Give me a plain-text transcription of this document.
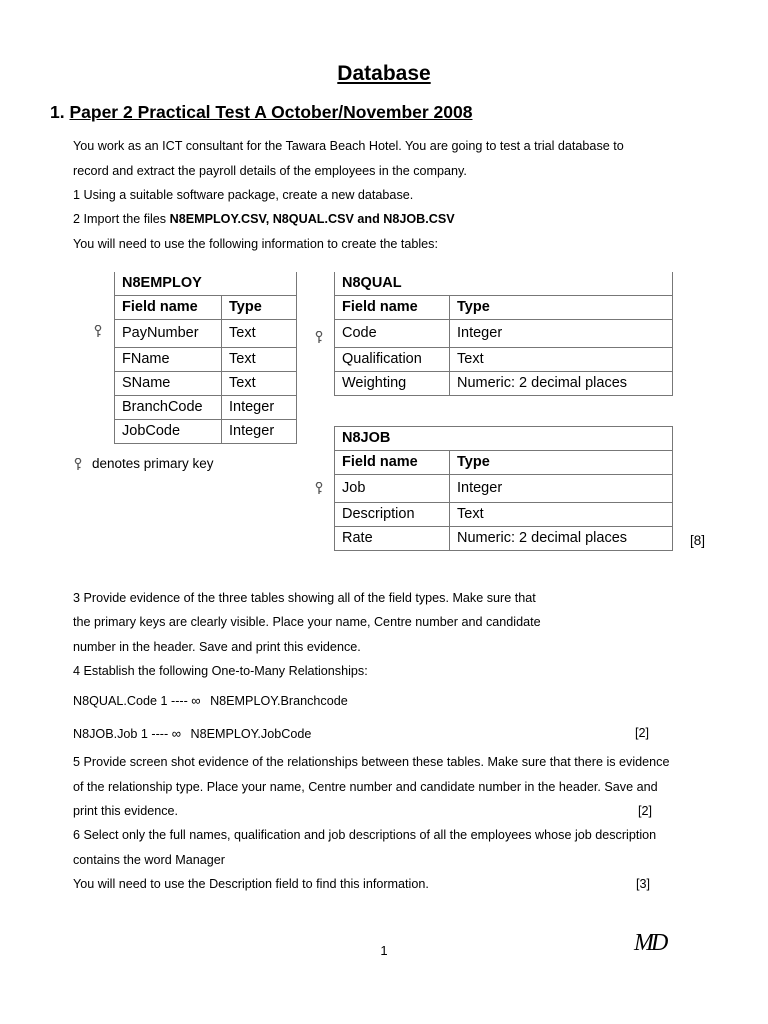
Database
1. Paper 2 Practical Test A October/November 2008
You work as an ICT consultant for the Tawara Beach Hotel. You are going to test a trial database to
record and extract the payroll details of the employees in the company.
1 Using a suitable software package, create a new database.
2 Import the files N8EMPLOY.CSV, N8QUAL.CSV and N8JOB.CSV
You will need to use the following information to create the tables:
N8EMPLOY	
Field name	Type
PayNumber	Text
FName	Text
SName	Text
BranchCode	Integer
JobCode	Integer
N8QUAL	
Field name	Type
Code	Integer
Qualification	Text
Weighting	Numeric: 2 decimal places
N8JOB	
Field name	Type
Job	Integer
Description	Text
Rate	Numeric: 2 decimal places
denotes primary key
[8]
3 Provide evidence of the three tables showing all of the field types. Make sure that
the primary keys are clearly visible. Place your name, Centre number and candidate
number in the header. Save and print this evidence.
4 Establish the following One-to-Many Relationships:
N8QUAL.Code 1 ---- ∞ N8EMPLOY.Branchcode
N8JOB.Job 1 ---- ∞ N8EMPLOY.JobCode	[2]
5 Provide screen shot evidence of the relationships between these tables. Make sure that there is evidence
of the relationship type. Place your name, Centre number and candidate number in the header. Save and
print this evidence.	[2]
6 Select only the full names, qualification and job descriptions of all the employees whose job description
contains the word Manager
You will need to use the Description field to find this information.	[3]
1	MD
